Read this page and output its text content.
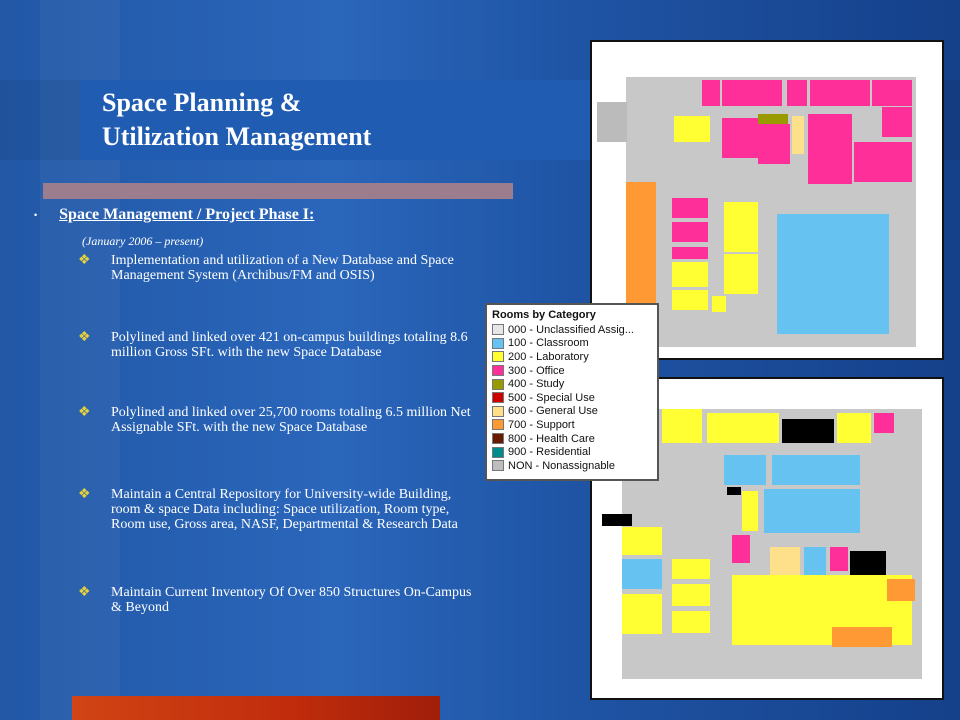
Space Planning &
Utilization Management
• Space Management / Project Phase I:
(January 2006 – present)
❖ Implementation and utilization of a New Database and Space Management System (Archibus/FM and OSIS)
❖ Polylined and linked over 421 on-campus buildings totaling 8.6 million Gross SFt. with the new Space Database
❖ Polylined and linked over 25,700 rooms totaling 6.5 million Net Assignable SFt. with the new Space Database
❖ Maintain a Central Repository for University-wide Building, room & space Data including: Space utilization, Room type, Room use, Gross area, NASF, Departmental & Research Data
❖ Maintain Current Inventory Of Over 850 Structures On-Campus & Beyond
Rooms by Category
000 - Unclassified Assig...
100 - Classroom
200 - Laboratory
300 - Office
400 - Study
500 - Special Use
600 - General Use
700 - Support
800 - Health Care
900 - Residential
NON - Nonassignable
